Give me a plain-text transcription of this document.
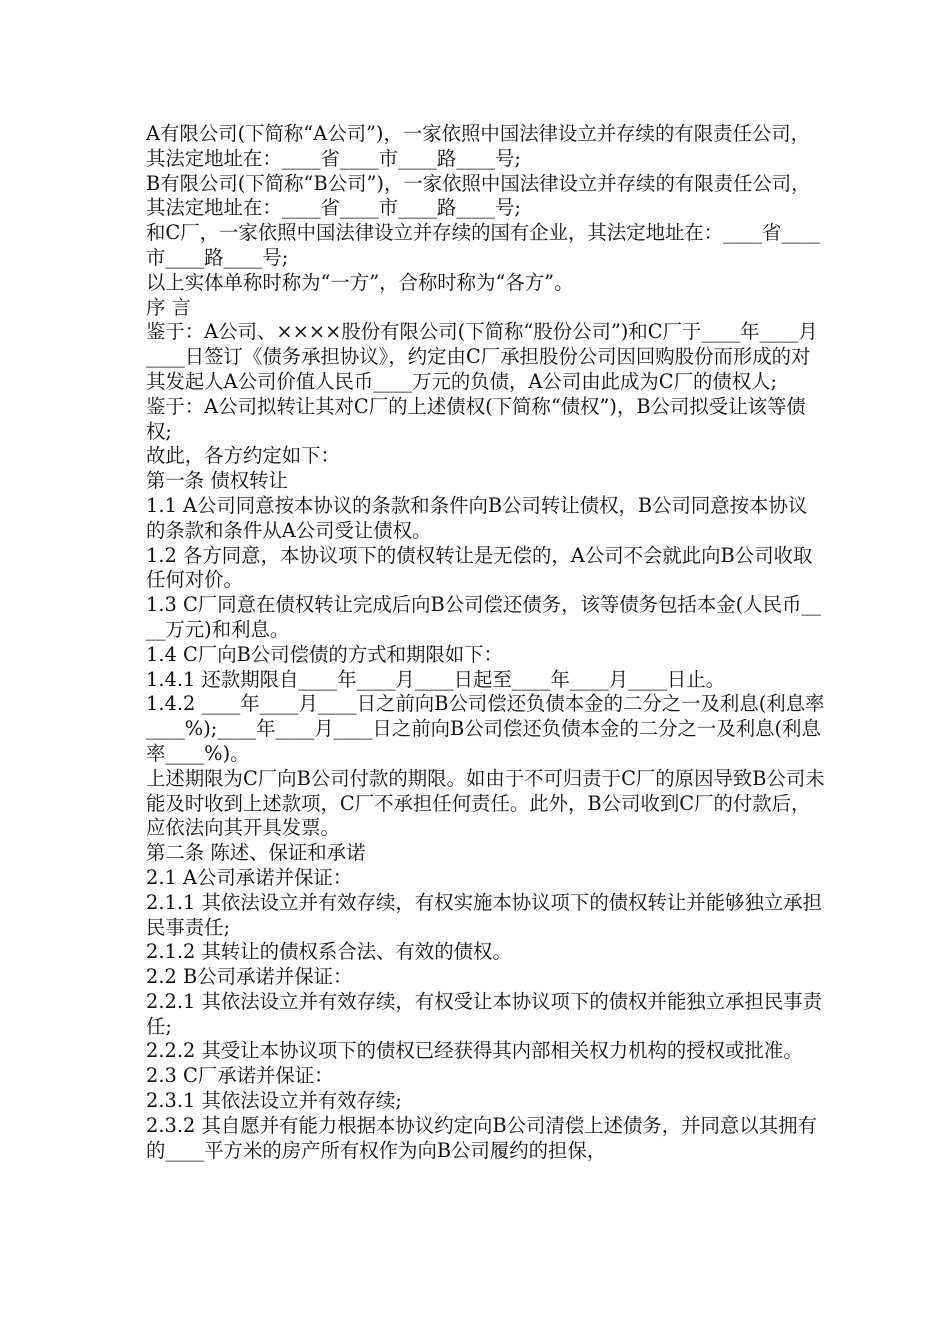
A有限公司(下简称“A公司”)，一家依照中国法律设立并存续的有限责任公司，其法定地址在：____省____市____路____号;

B有限公司(下简称“B公司”)，一家依照中国法律设立并存续的有限责任公司，其法定地址在：____省____市____路____号;

和C厂，一家依照中国法律设立并存续的国有企业，其法定地址在：____省____市____路____号;

以上实体单称时称为“一方”，合称时称为“各方”。

序 言

鉴于：A公司、××××股份有限公司(下简称“股份公司”)和C厂于____年____月____日签订《债务承担协议》，约定由C厂承担股份公司因回购股份而形成的对其发起人A公司价值人民币____万元的负债，A公司由此成为C厂的债权人;

鉴于：A公司拟转让其对C厂的上述债权(下简称“债权”)，B公司拟受让该等债权;

故此，各方约定如下：

第一条 债权转让

1.1 A公司同意按本协议的条款和条件向B公司转让债权，B公司同意按本协议的条款和条件从A公司受让债权。

1.2 各方同意，本协议项下的债权转让是无偿的，A公司不会就此向B公司收取任何对价。

1.3 C厂同意在债权转让完成后向B公司偿还债务，该等债务包括本金(人民币____万元)和利息。

1.4 C厂向B公司偿债的方式和期限如下：

1.4.1 还款期限自____年____月____日起至____年____月____日止。

1.4.2 ____年____月____日之前向B公司偿还负债本金的二分之一及利息(利息率____%);____年____月____日之前向B公司偿还负债本金的二分之一及利息(利息率____%)。

上述期限为C厂向B公司付款的期限。如由于不可归责于C厂的原因导致B公司未能及时收到上述款项，C厂不承担任何责任。此外，B公司收到C厂的付款后，应依法向其开具发票。

第二条 陈述、保证和承诺

2.1 A公司承诺并保证：

2.1.1 其依法设立并有效存续，有权实施本协议项下的债权转让并能够独立承担民事责任;

2.1.2 其转让的债权系合法、有效的债权。

2.2 B公司承诺并保证：

2.2.1 其依法设立并有效存续，有权受让本协议项下的债权并能独立承担民事责任;

2.2.2 其受让本协议项下的债权已经获得其内部相关权力机构的授权或批准。

2.3 C厂承诺并保证：

2.3.1 其依法设立并有效存续;

2.3.2 其自愿并有能力根据本协议约定向B公司清偿上述债务，并同意以其拥有的____平方米的房产所有权作为向B公司履约的担保，
